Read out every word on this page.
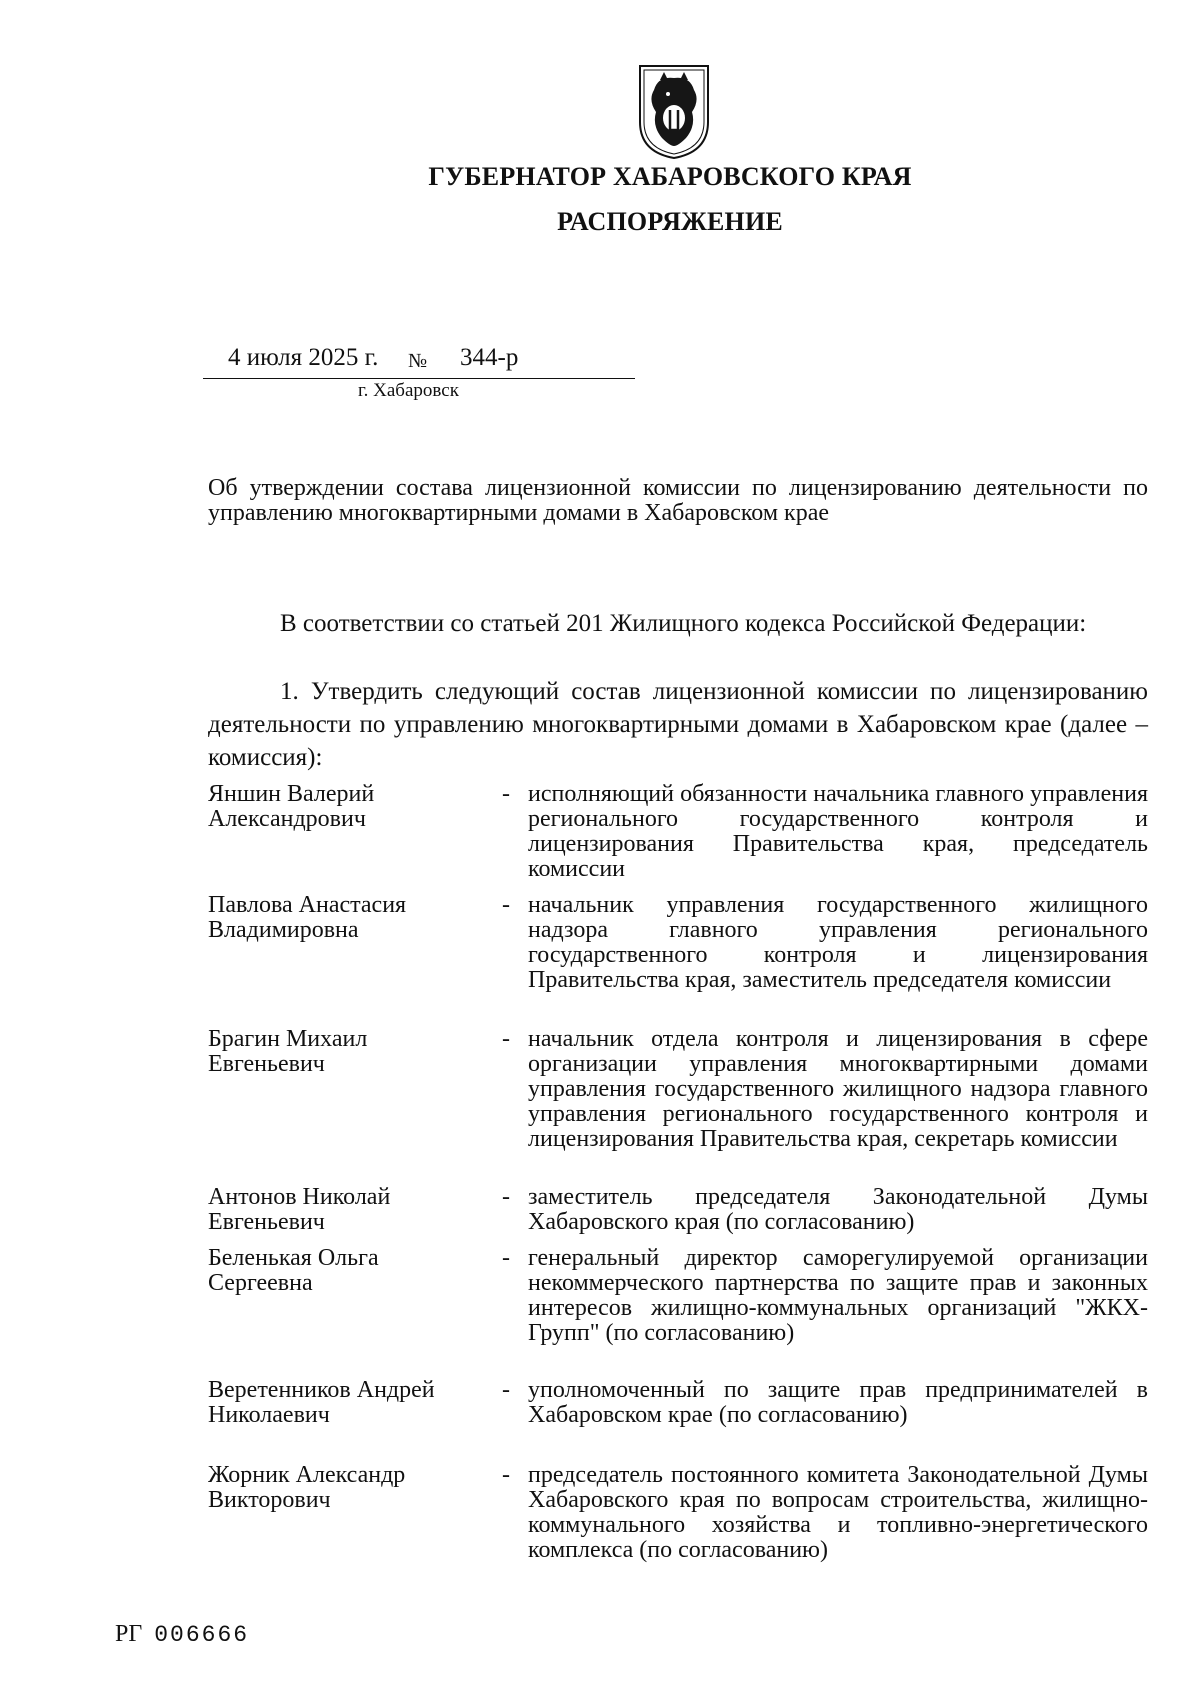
ГУБЕРНАТОР ХАБАРОВСКОГО КРАЯ
РАСПОРЯЖЕНИЕ
4 июля 2025 г. № 344-р
г. Хабаровск
Об утверждении состава лицензионной комиссии по лицензированию деятельности по управлению многоквартирными домами в Хабаровском крае
В соответствии со статьей 201 Жилищного кодекса Российской Федерации:
1. Утвердить следующий состав лицензионной комиссии по лицензированию деятельности по управлению многоквартирными домами в Хабаровском крае (далее – комиссия):
Яншин Валерий Александрович
- исполняющий обязанности начальника главного управления регионального государственного контроля и лицензирования Правительства края, председатель комиссии
Павлова Анастасия Владимировна
- начальник управления государственного жилищного надзора главного управления регионального государственного контроля и лицензирования Правительства края, заместитель председателя комиссии
Брагин Михаил Евгеньевич
- начальник отдела контроля и лицензирования в сфере организации управления многоквартирными домами управления государственного жилищного надзора главного управления регионального государственного контроля и лицензирования Правительства края, секретарь комиссии
Антонов Николай Евгеньевич
- заместитель председателя Законодательной Думы Хабаровского края (по согласованию)
Беленькая Ольга Сергеевна
- генеральный директор саморегулируемой организации некоммерческого партнерства по защите прав и законных интересов жилищно-коммунальных организаций "ЖКХ-Групп" (по согласованию)
Веретенников Андрей Николаевич
- уполномоченный по защите прав предпринимателей в Хабаровском крае (по согласованию)
Жорник Александр Викторович
- председатель постоянного комитета Законодательной Думы Хабаровского края по вопросам строительства, жилищно-коммунального хозяйства и топливно-энергетического комплекса (по согласованию)
РГ 006666
